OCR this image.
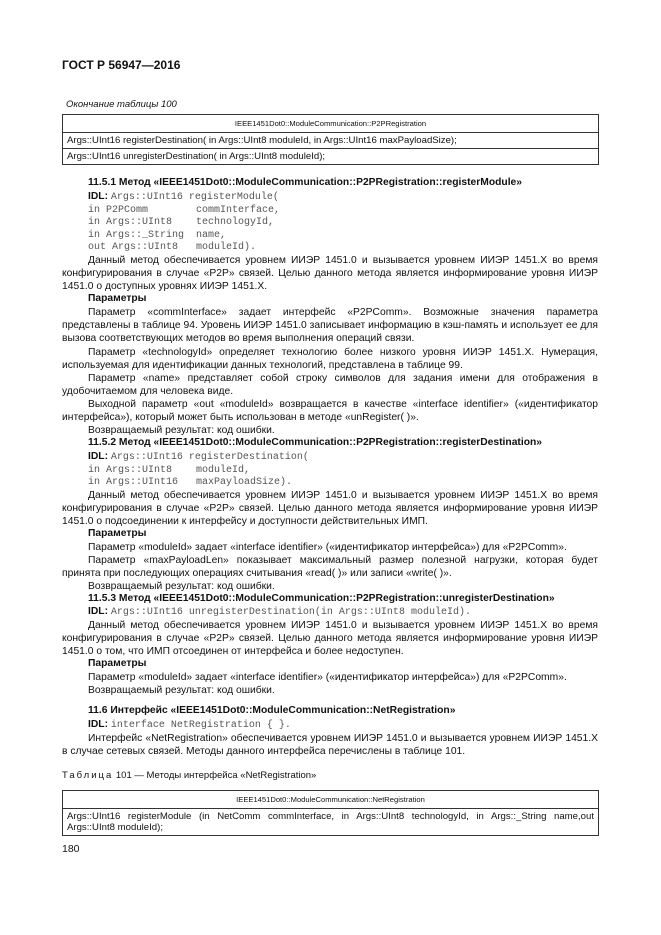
ГОСТ Р 56947—2016
Окончание таблицы 100
IEEE1451Dot0::ModuleCommunication::P2PRegistration
Args::UInt16 registerDestination( in Args::UInt8 moduleId, in Args::UInt16 maxPayloadSize);
Args::UInt16 unregisterDestination( in Args::UInt8 moduleId);
11.5.1 Метод «IEEE1451Dot0::ModuleCommunication::P2PRegistration::registerModule»
IDL: Args::UInt16 registerModule(
in P2PComm        commInterface,
in Args::UInt8    technologyId,
in Args::_String  name,
out Args::UInt8   moduleId).
Данный метод обеспечивается уровнем ИИЭР 1451.0 и вызывается уровнем ИИЭР 1451.X во время конфигурирования в случае «P2P» связей. Целью данного метода является информирование уровня ИИЭР 1451.0 о доступных уровнях ИИЭР 1451.X.
Параметры
Параметр «commInterface» задает интерфейс «P2PComm». Возможные значения параметра представлены в таблице 94. Уровень ИИЭР 1451.0 записывает информацию в кэш-память и использует ее для вызова соответствующих методов во время выполнения операций связи.
Параметр «technologyId» определяет технологию более низкого уровня ИИЭР 1451.X. Нумерация, используемая для идентификации данных технологий, представлена в таблице 99.
Параметр «name» представляет собой строку символов для задания имени для отображения в удобочитаемом для человека виде.
Выходной параметр «out «moduleId» возвращается в качестве «interface identifier» («идентификатор интерфейса»), который может быть использован в методе «unRegister( )».
Возвращаемый результат: код ошибки.
11.5.2 Метод «IEEE1451Dot0::ModuleCommunication::P2PRegistration::registerDestination»
IDL: Args::UInt16 registerDestination(
in Args::UInt8    moduleId,
in Args::UInt16   maxPayloadSize).
Данный метод обеспечивается уровнем ИИЭР 1451.0 и вызывается уровнем ИИЭР 1451.X во время конфигурирования в случае «P2P» связей. Целью данного метода является информирование уровня ИИЭР 1451.0 о подсоединении к интерфейсу и доступности действительных ИМП.
Параметры
Параметр «moduleId» задает «interface identifier» («идентификатор интерфейса») для «P2PComm».
Параметр «maxPayloadLen» показывает максимальный размер полезной нагрузки, которая будет принята при последующих операциях считывания «read( )» или записи «write( )».
Возвращаемый результат: код ошибки.
11.5.3 Метод «IEEE1451Dot0::ModuleCommunication::P2PRegistration::unregisterDestination»
IDL: Args::UInt16 unregisterDestination(in Args::UInt8 moduleId).
Данный метод обеспечивается уровнем ИИЭР 1451.0 и вызывается уровнем ИИЭР 1451.X во время конфигурирования в случае «P2P» связей. Целью данного метода является информирование уровня ИИЭР 1451.0 о том, что ИМП отсоединен от интерфейса и более недоступен.
Параметры
Параметр «moduleId» задает «interface identifier» («идентификатор интерфейса») для «P2PComm».
Возвращаемый результат: код ошибки.
11.6 Интерфейс «IEEE1451Dot0::ModuleCommunication::NetRegistration»
IDL: interface NetRegistration { }.
Интерфейс «NetRegistration» обеспечивается уровнем ИИЭР 1451.0 и вызывается уровнем ИИЭР 1451.X в случае сетевых связей. Методы данного интерфейса перечислены в таблице 101.
Таблица 101 — Методы интерфейса «NetRegistration»
IEEE1451Dot0::ModuleCommunication::NetRegistration
Args::UInt16 registerModule (in NetComm commInterface, in Args::UInt8 technologyId, in Args::_String name,out Args::UInt8 moduleId);
180
